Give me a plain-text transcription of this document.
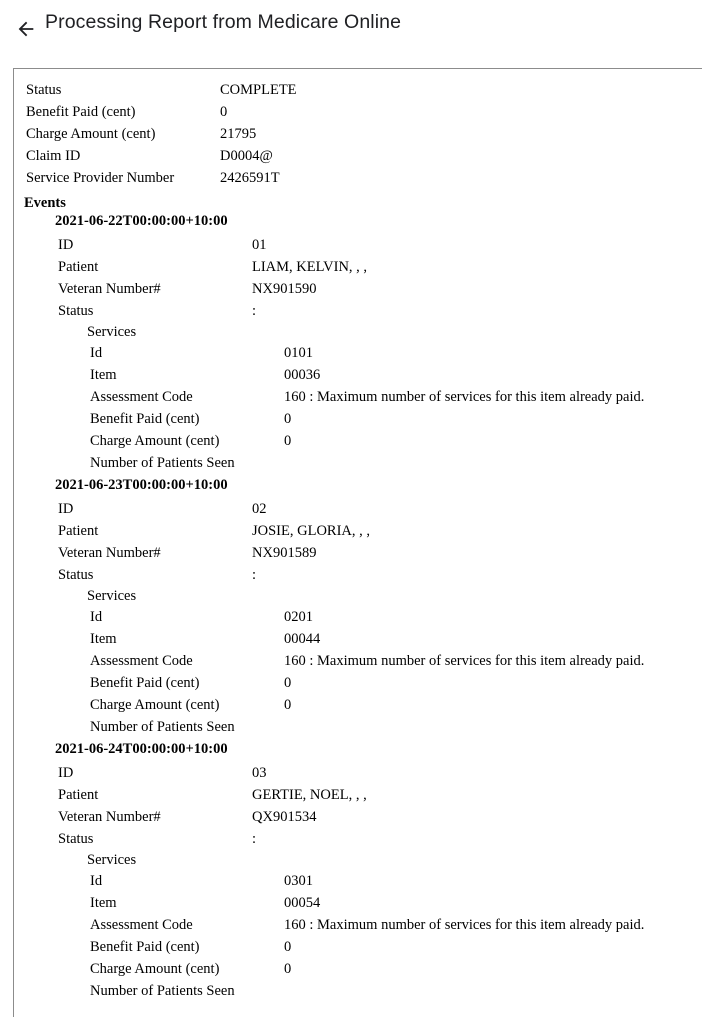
Processing Report from Medicare Online
Status	COMPLETE
Benefit Paid (cent)	0
Charge Amount (cent)	21795
Claim ID	D0004@
Service Provider Number	2426591T
Events
2021-06-22T00:00:00+10:00
ID	01
Patient	LIAM, KELVIN, , ,
Veteran Number#	NX901590
Status	:
Services
Id	0101
Item	00036
Assessment Code	160 : Maximum number of services for this item already paid.
Benefit Paid (cent)	0
Charge Amount (cent)	0
Number of Patients Seen
2021-06-23T00:00:00+10:00
ID	02
Patient	JOSIE, GLORIA, , ,
Veteran Number#	NX901589
Status	:
Services
Id	0201
Item	00044
Assessment Code	160 : Maximum number of services for this item already paid.
Benefit Paid (cent)	0
Charge Amount (cent)	0
Number of Patients Seen
2021-06-24T00:00:00+10:00
ID	03
Patient	GERTIE, NOEL, , ,
Veteran Number#	QX901534
Status	:
Services
Id	0301
Item	00054
Assessment Code	160 : Maximum number of services for this item already paid.
Benefit Paid (cent)	0
Charge Amount (cent)	0
Number of Patients Seen
